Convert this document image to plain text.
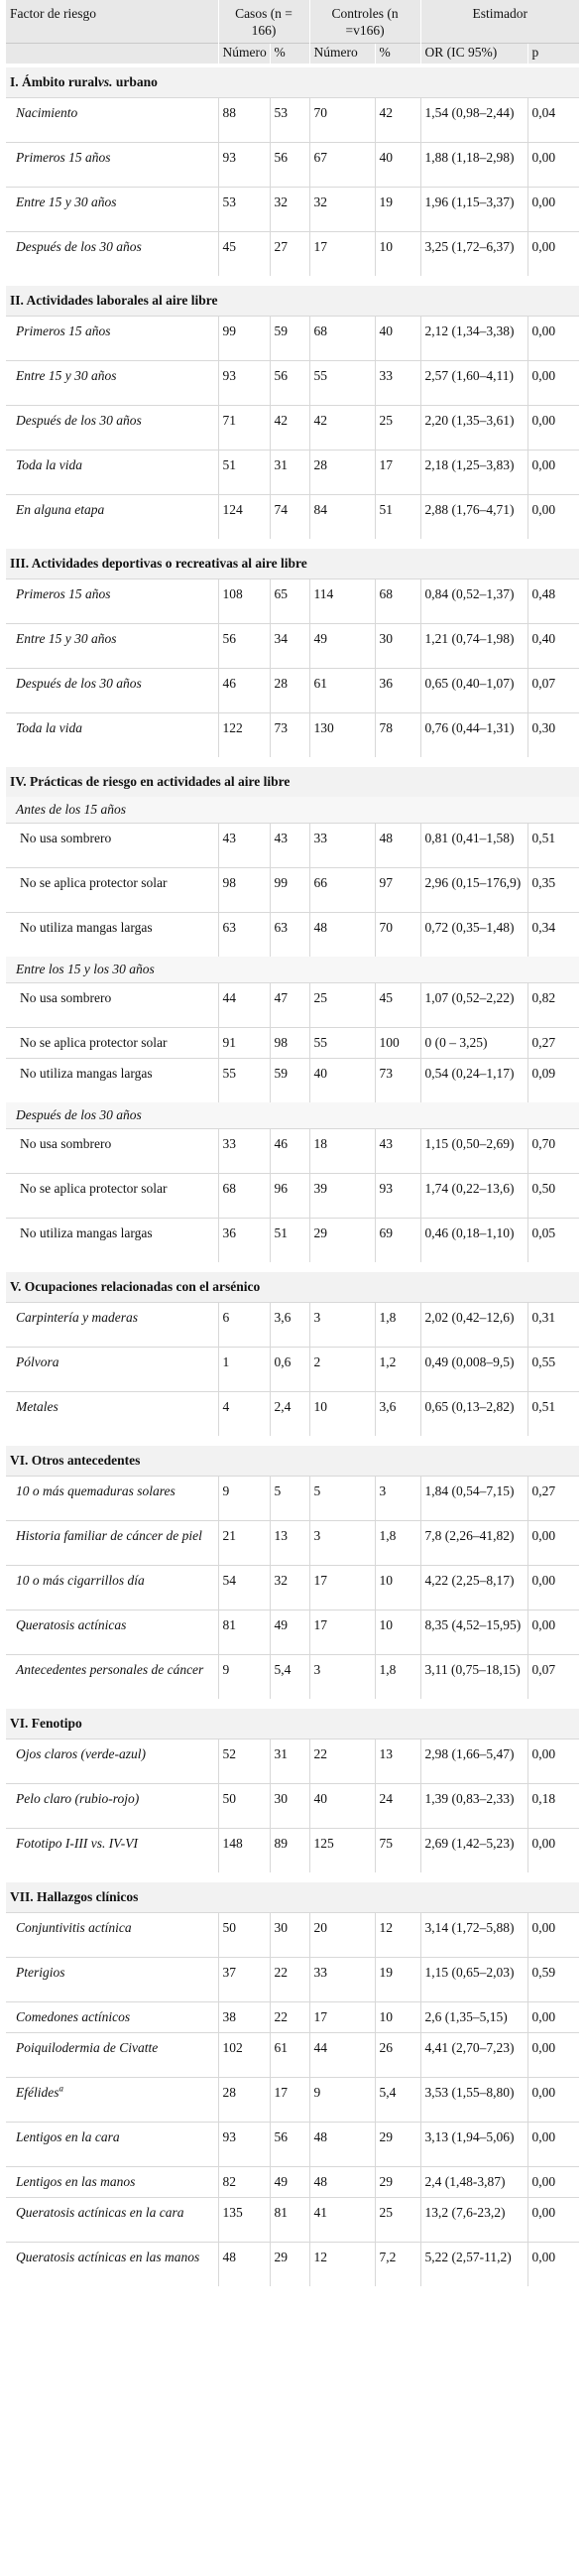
Factor de riesgo	Casos (n = 166)		Controles (n =v166)		Estimador	
	Número	%	Número	%	OR (IC 95%)	p
I. Ámbito ruralvs. urbano						
Nacimiento	88	53	70	42	1,54 (0,98–2,44)	0,04
Primeros 15 años	93	56	67	40	1,88 (1,18–2,98)	0,00
Entre 15 y 30 años	53	32	32	19	1,96 (1,15–3,37)	0,00
Después de los 30 años	45	27	17	10	3,25 (1,72–6,37)	0,00
II. Actividades laborales al aire libre						
Primeros 15 años	99	59	68	40	2,12 (1,34–3,38)	0,00
Entre 15 y 30 años	93	56	55	33	2,57 (1,60–4,11)	0,00
Después de los 30 años	71	42	42	25	2,20 (1,35–3,61)	0,00
Toda la vida	51	31	28	17	2,18 (1,25–3,83)	0,00
En alguna etapa	124	74	84	51	2,88 (1,76–4,71)	0,00
III. Actividades deportivas o recreativas al aire libre						
Primeros 15 años	108	65	114	68	0,84 (0,52–1,37)	0,48
Entre 15 y 30 años	56	34	49	30	1,21 (0,74–1,98)	0,40
Después de los 30 años	46	28	61	36	0,65 (0,40–1,07)	0,07
Toda la vida	122	73	130	78	0,76 (0,44–1,31)	0,30
IV. Prácticas de riesgo en actividades al aire libre						
Antes de los 15 años						
No usa sombrero	43	43	33	48	0,81 (0,41–1,58)	0,51
No se aplica protector solar	98	99	66	97	2,96 (0,15–176,9)	0,35
No utiliza mangas largas	63	63	48	70	0,72 (0,35–1,48)	0,34
Entre los 15 y los 30 años						
No usa sombrero	44	47	25	45	1,07 (0,52–2,22)	0,82
No se aplica protector solar	91	98	55	100	0 (0 – 3,25)	0,27
No utiliza mangas largas	55	59	40	73	0,54 (0,24–1,17)	0,09
Después de los 30 años						
No usa sombrero	33	46	18	43	1,15 (0,50–2,69)	0,70
No se aplica protector solar	68	96	39	93	1,74 (0,22–13,6)	0,50
No utiliza mangas largas	36	51	29	69	0,46 (0,18–1,10)	0,05
V. Ocupaciones relacionadas con el arsénico						
Carpintería y maderas	6	3,6	3	1,8	2,02 (0,42–12,6)	0,31
Pólvora	1	0,6	2	1,2	0,49 (0,008–9,5)	0,55
Metales	4	2,4	10	3,6	0,65 (0,13–2,82)	0,51
VI. Otros antecedentes						
10 o más quemaduras solares	9	5	5	3	1,84 (0,54–7,15)	0,27
Historia familiar de cáncer de piel	21	13	3	1,8	7,8 (2,26–41,82)	0,00
10 o más cigarrillos día	54	32	17	10	4,22 (2,25–8,17)	0,00
Queratosis actínicas	81	49	17	10	8,35 (4,52–15,95)	0,00
Antecedentes personales de cáncer	9	5,4	3	1,8	3,11 (0,75–18,15)	0,07
VI. Fenotipo						
Ojos claros (verde-azul)	52	31	22	13	2,98 (1,66–5,47)	0,00
Pelo claro (rubio-rojo)	50	30	40	24	1,39 (0,83–2,33)	0,18
Fototipo I-III vs. IV-VI	148	89	125	75	2,69 (1,42–5,23)	0,00
VII. Hallazgos clínicos						
Conjuntivitis actínica	50	30	20	12	3,14 (1,72–5,88)	0,00
Pterigios	37	22	33	19	1,15 (0,65–2,03)	0,59
Comedones actínicos	38	22	17	10	2,6 (1,35–5,15)	0,00
Poiquilodermia de Civatte	102	61	44	26	4,41 (2,70–7,23)	0,00
Efélides$^a$	28	17	9	5,4	3,53 (1,55–8,80)	0,00
Lentigos en la cara	93	56	48	29	3,13 (1,94–5,06)	0,00
Lentigos en las manos	82	49	48	29	2,4 (1,48-3,87)	0,00
Queratosis actínicas en la cara	135	81	41	25	13,2 (7,6-23,2)	0,00
Queratosis actínicas en las manos	48	29	12	7,2	5,22 (2,57-11,2)	0,00
